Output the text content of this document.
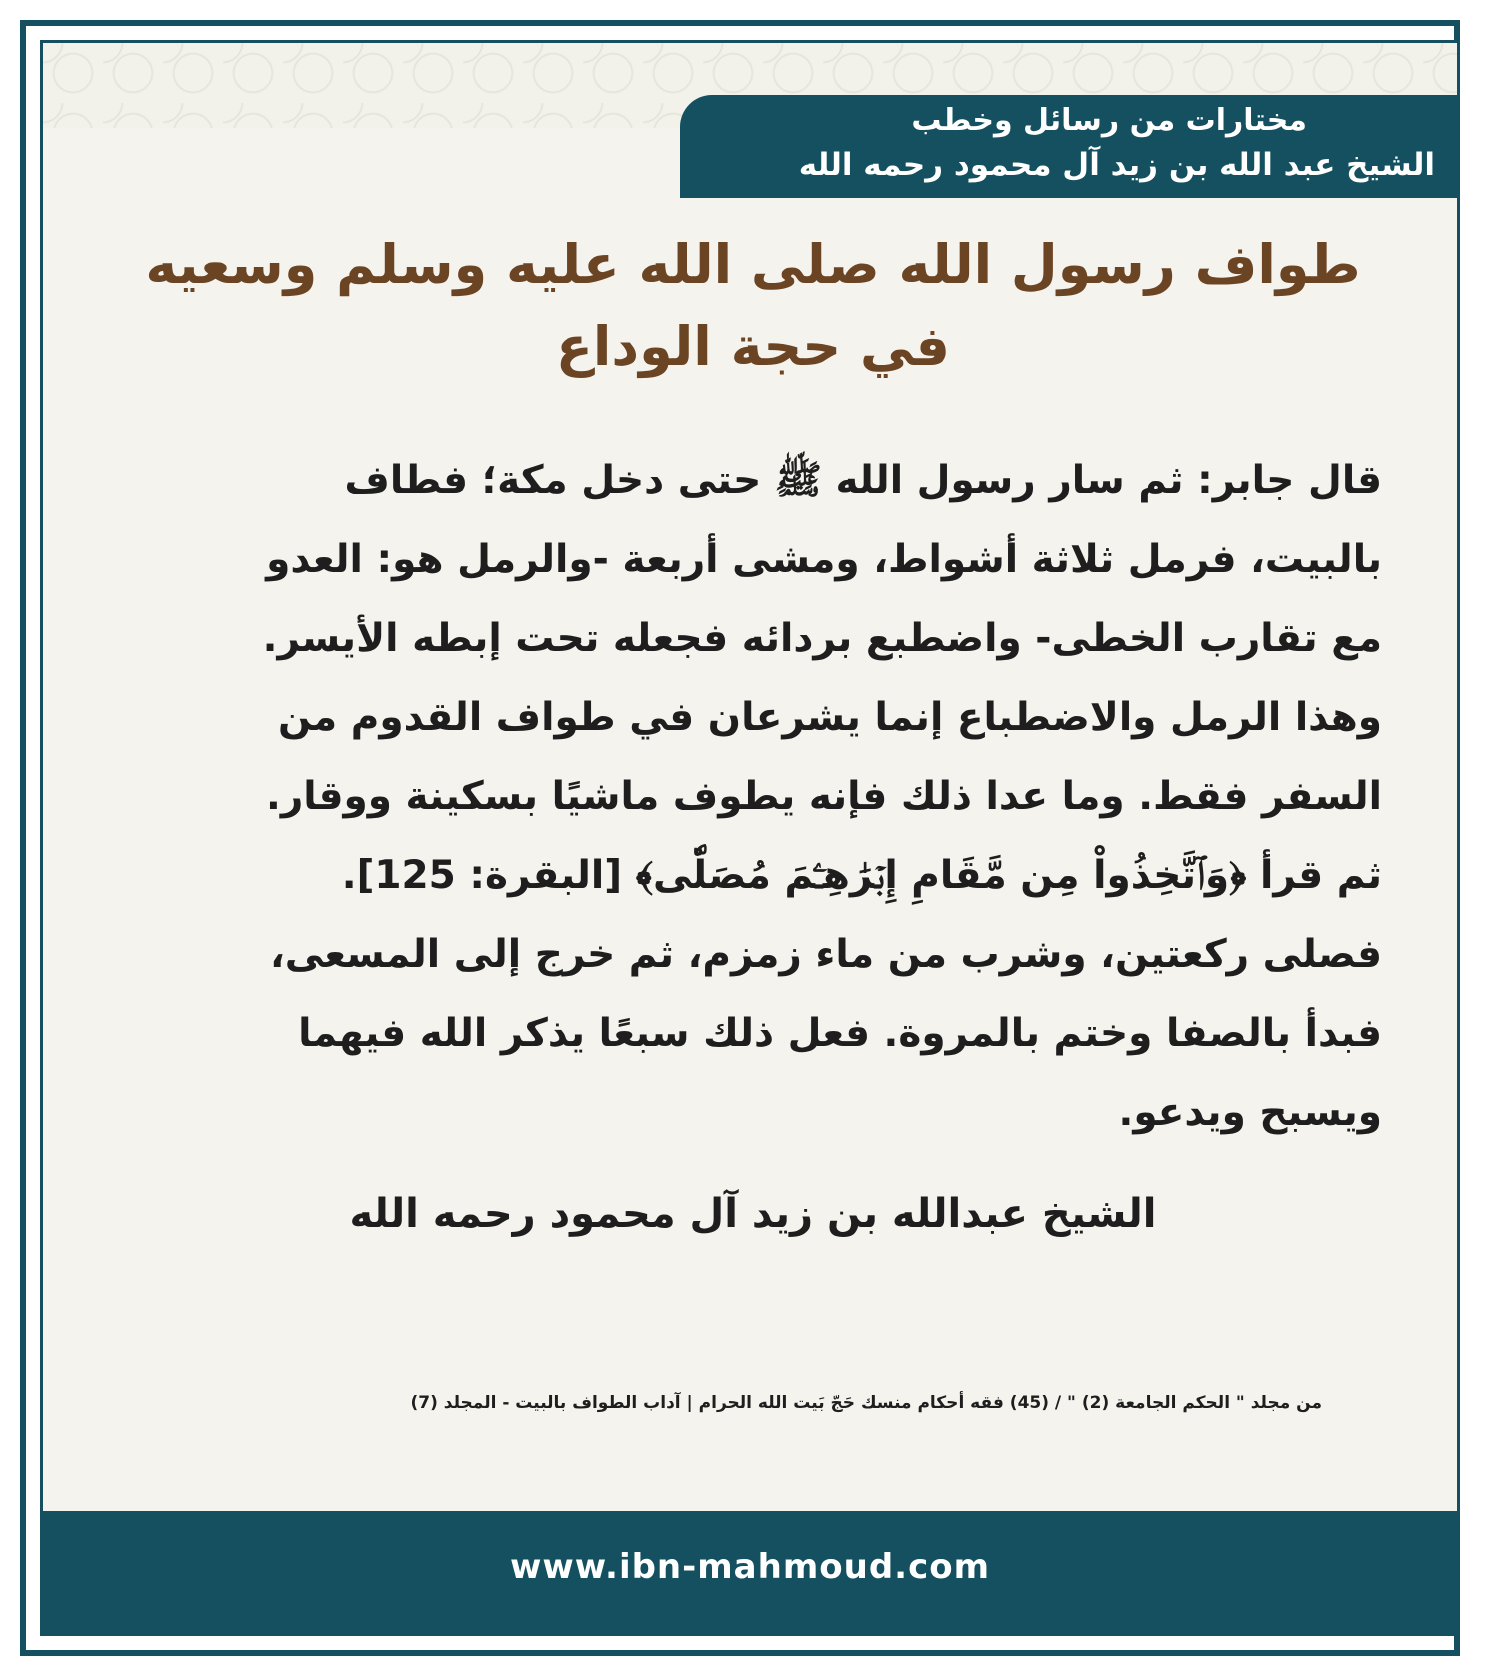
مختارات من رسائل وخطب
الشيخ عبد الله بن زيد آل محمود رحمه الله
طواف رسول الله صلى الله عليه وسلم وسعيه
في حجة الوداع
قال جابر: ثم سار رسول الله ﷺ حتى دخل مكة؛ فطاف
بالبيت، فرمل ثلاثة أشواط، ومشى أربعة -والرمل هو: العدو
مع تقارب الخطى- واضطبع بردائه فجعله تحت إبطه الأيسر.
وهذا الرمل والاضطباع إنما يشرعان في طواف القدوم من
السفر فقط. وما عدا ذلك فإنه يطوف ماشيًا بسكينة ووقار.
ثم قرأ ﴿وَٱتَّخِذُواْ مِن مَّقَامِ إِبۡرَٰهِـۧمَ مُصَلّٗى﴾ [البقرة: 125].
فصلى ركعتين، وشرب من ماء زمزم، ثم خرج إلى المسعى،
فبدأ بالصفا وختم بالمروة. فعل ذلك سبعًا يذكر الله فيهما
ويسبح ويدعو.
الشيخ عبدالله بن زيد آل محمود رحمه الله
من مجلد " الحكم الجامعة (2) " / (45) فقه أحكام منسك حَجّ بَيت الله الحرام | آداب الطواف بالبيت - المجلد (7)
www.ibn-mahmoud.com
